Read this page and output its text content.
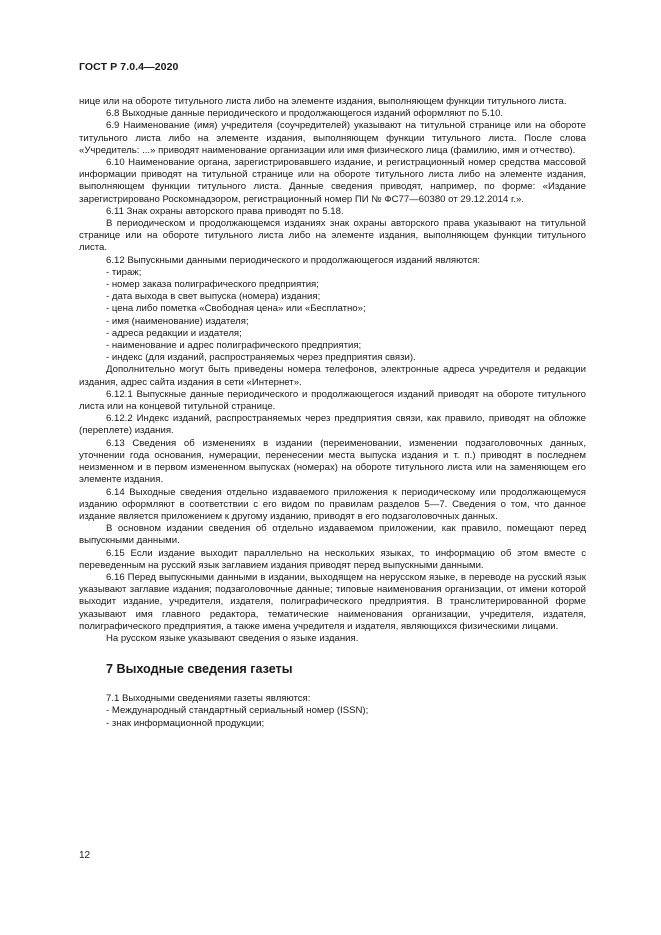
ГОСТ Р 7.0.4—2020

нице или на обороте титульного листа либо на элементе издания, выполняющем функции титульного листа.

6.8 Выходные данные периодического и продолжающегося изданий оформляют по 5.10.

6.9 Наименование (имя) учредителя (соучредителей) указывают на титульной странице или на обороте титульного листа либо на элементе издания, выполняющем функции титульного листа. После слова «Учредитель: ...» приводят наименование организации или имя физического лица (фамилию, имя и отчество).

6.10 Наименование органа, зарегистрировавшего издание, и регистрационный номер средства массовой информации приводят на титульной странице или на обороте титульного листа либо на элементе издания, выполняющем функции титульного листа. Данные сведения приводят, например, по форме: «Издание зарегистрировано Роскомнадзором, регистрационный номер ПИ № ФС77—60380 от 29.12.2014 г.».

6.11 Знак охраны авторского права приводят по 5.18.

В периодическом и продолжающемся изданиях знак охраны авторского права указывают на титульной странице или на обороте титульного листа либо на элементе издания, выполняющем функции титульного листа.

6.12 Выпускными данными периодического и продолжающегося изданий являются:

- тираж;

- номер заказа полиграфического предприятия;

- дата выхода в свет выпуска (номера) издания;

- цена либо пометка «Свободная цена» или «Бесплатно»;

- имя (наименование) издателя;

- адреса редакции и издателя;

- наименование и адрес полиграфического предприятия;

- индекс (для изданий, распространяемых через предприятия связи).

Дополнительно могут быть приведены номера телефонов, электронные адреса учредителя и редакции издания, адрес сайта издания в сети «Интернет».

6.12.1 Выпускные данные периодического и продолжающегося изданий приводят на обороте титульного листа или на концевой титульной странице.

6.12.2 Индекс изданий, распространяемых через предприятия связи, как правило, приводят на обложке (переплете) издания.

6.13 Сведения об изменениях в издании (переименовании, изменении подзаголовочных данных, уточнении года основания, нумерации, перенесении места выпуска издания и т. п.) приводят в последнем неизменном и в первом измененном выпусках (номерах) на обороте титульного листа или на заменяющем его элементе издания.

6.14 Выходные сведения отдельно издаваемого приложения к периодическому или продолжающемуся изданию оформляют в соответствии с его видом по правилам разделов 5—7. Сведения о том, что данное издание является приложением к другому изданию, приводят в его подзаголовочных данных.

В основном издании сведения об отдельно издаваемом приложении, как правило, помещают перед выпускными данными.

6.15 Если издание выходит параллельно на нескольких языках, то информацию об этом вместе с переведенным на русский язык заглавием издания приводят перед выпускными данными.

6.16 Перед выпускными данными в издании, выходящем на нерусском языке, в переводе на русский язык указывают заглавие издания; подзаголовочные данные; типовые наименования организации, от имени которой выходит издание, учредителя, издателя, полиграфического предприятия. В транслитерированной форме указывают имя главного редактора, тематические наименования организации, учредителя, издателя, полиграфического предприятия, а также имена учредителя и издателя, являющихся физическими лицами.

На русском языке указывают сведения о языке издания.

7 Выходные сведения газеты

7.1 Выходными сведениями газеты являются:

- Международный стандартный сериальный номер (ISSN);

- знак информационной продукции;

12
